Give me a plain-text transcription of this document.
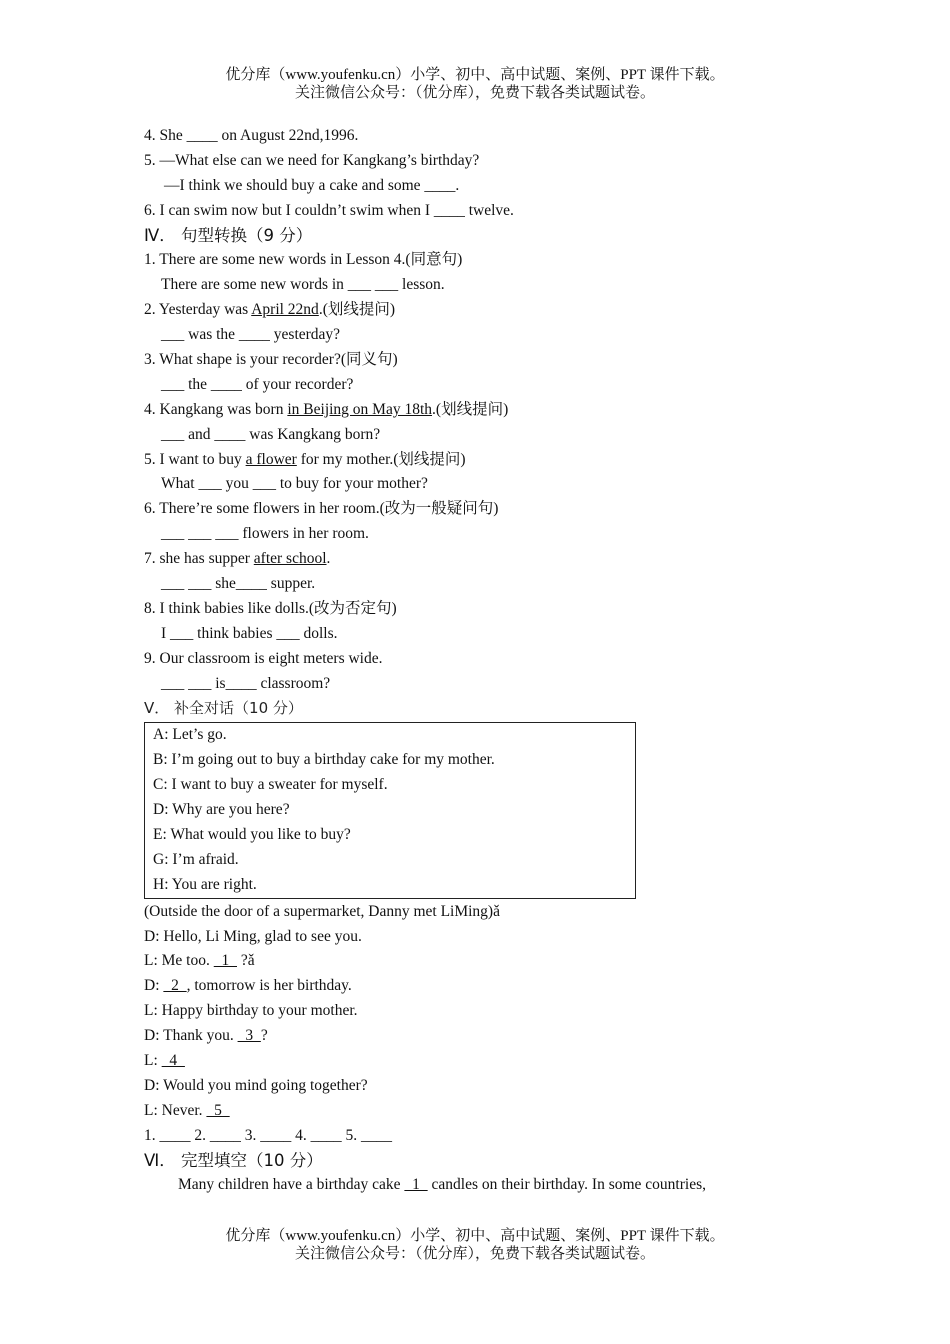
优分库（www.youfenku.cn）小学、初中、高中试题、案例、PPT 课件下载。
关注微信公众号：（优分库），免费下载各类试题试卷。
4. She ____ on August 22nd,1996.
5. —What else can we need for Kangkang’s birthday?
—I think we should buy a cake and some ____.
6. I can swim now but I couldn’t swim when I ____ twelve.
Ⅳ． 句型转换（9 分）
1. There are some new words in Lesson 4.(同意句)
There are some new words in ___ ___ lesson.
2. Yesterday was April 22nd.(划线提问)
___ was the ____ yesterday?
3. What shape is your recorder?(同义句)
___ the ____ of your recorder?
4. Kangkang was born in Beijing on May 18th.(划线提问)
___ and ____ was Kangkang born?
5. I want to buy a flower for my mother.(划线提问)
What ___ you ___ to buy for your mother?
6. There’re some flowers in her room.(改为一般疑问句)
___ ___ ___ flowers in her room.
7. she has supper after school.
___ ___ she____ supper.
8. I think babies like dolls.(改为否定句)
I ___ think babies ___ dolls.
9. Our classroom is eight meters wide.
___ ___ is____ classroom?
Ⅴ． 补全对话（10 分）
A: Let’s go.
B: I’m going out to buy a birthday cake for my mother.
C: I want to buy a sweater for myself.
D: Why are you here?
E: What would you like to buy?
G: I’m afraid.
H: You are right.
(Outside the door of a supermarket, Danny met LiMing)ǎ
D: Hello, Li Ming, glad to see you.
L: Me too.   1   ?ǎ
D:   2  , tomorrow is her birthday.
L: Happy birthday to your mother.
D: Thank you.   3  ?
L:   4
D: Would you mind going together?
L: Never.   5
1. ____ 2. ____ 3. ____ 4. ____ 5. ____
Ⅵ． 完型填空（10 分）
Many children have a birthday cake   1   candles on their birthday. In some countries,
优分库（www.youfenku.cn）小学、初中、高中试题、案例、PPT 课件下载。
关注微信公众号：（优分库），免费下载各类试题试卷。
